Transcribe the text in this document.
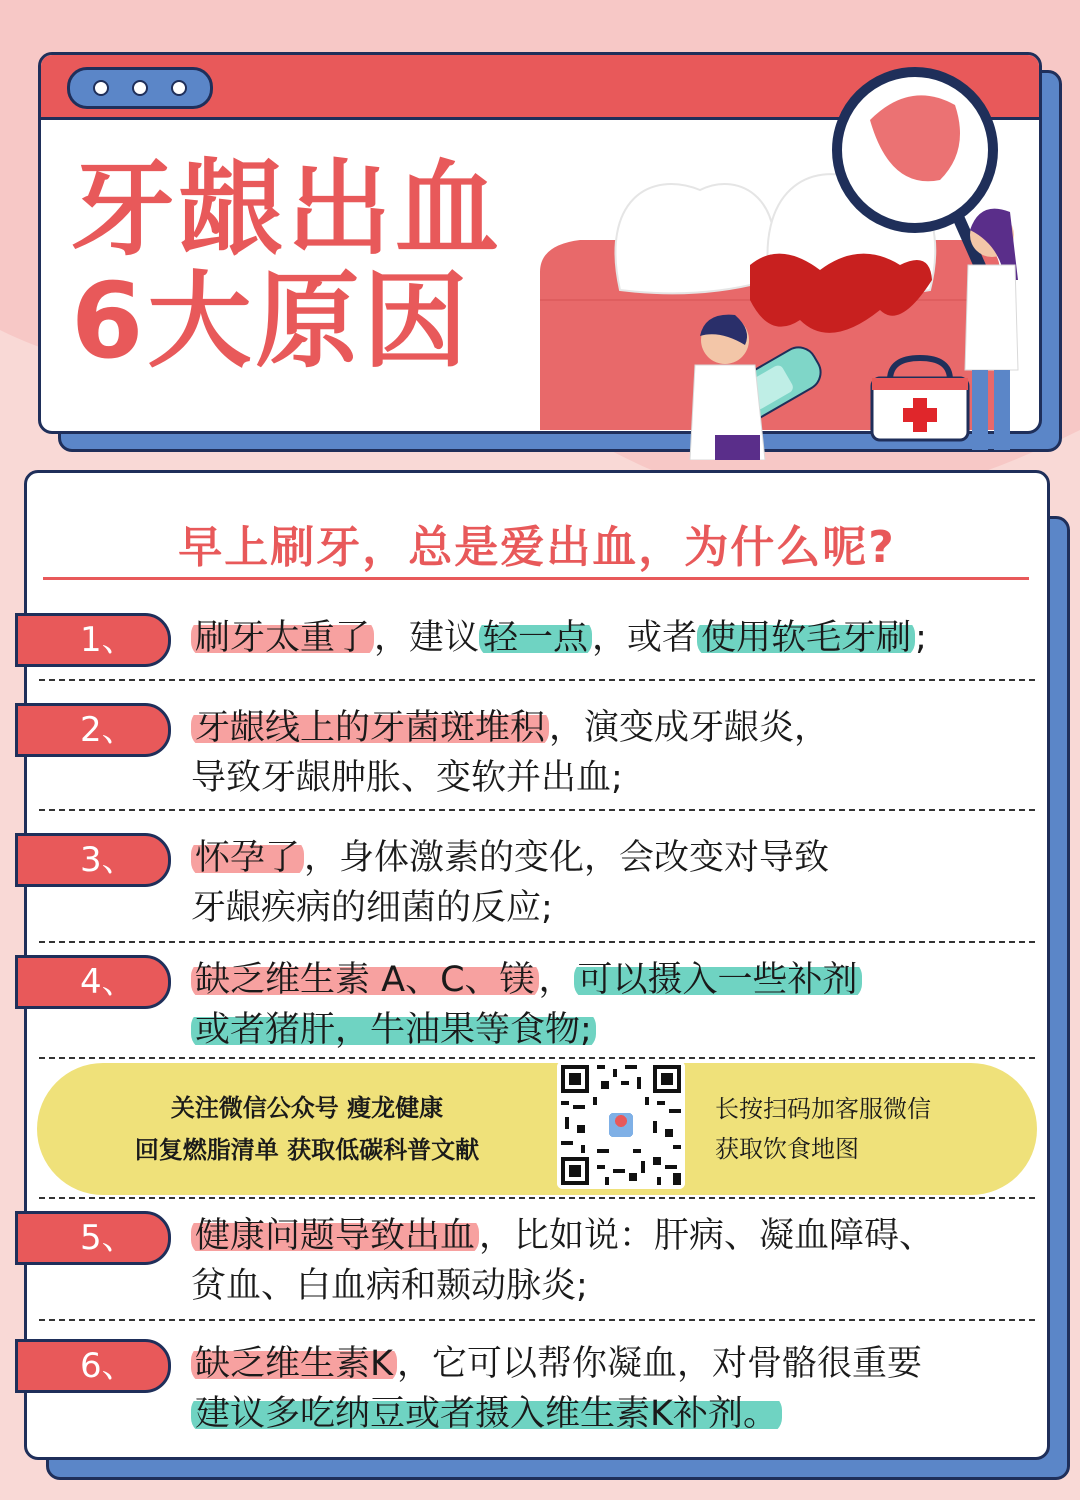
牙龈出血
6大原因
早上刷牙，总是爱出血，为什么呢?
1、	刷牙太重了 ，建议 轻一点 ，或者 使用软毛牙刷 ;
2、	牙龈线上的牙菌斑堆积 ，演变成牙龈炎，
导致牙龈肿胀、变软并出血;
3、	怀孕了 ，身体激素的变化，会改变对导致
牙龈疾病的细菌的反应;
4、	缺乏维生素 A、C、镁 ， 可以摄入一些补剂
或者猪肝，牛油果等食物;
关注微信公众号 瘦龙健康
回复燃脂清单 获取低碳科普文献
长按扫码加客服微信
获取饮食地图
5、	健康问题导致出血 ，比如说：肝病、凝血障碍、
贫血、白血病和颞动脉炎;
6、	缺乏维生素K ，它可以帮你凝血，对骨骼很重要
建议多吃纳豆或者摄入维生素K补剂。
